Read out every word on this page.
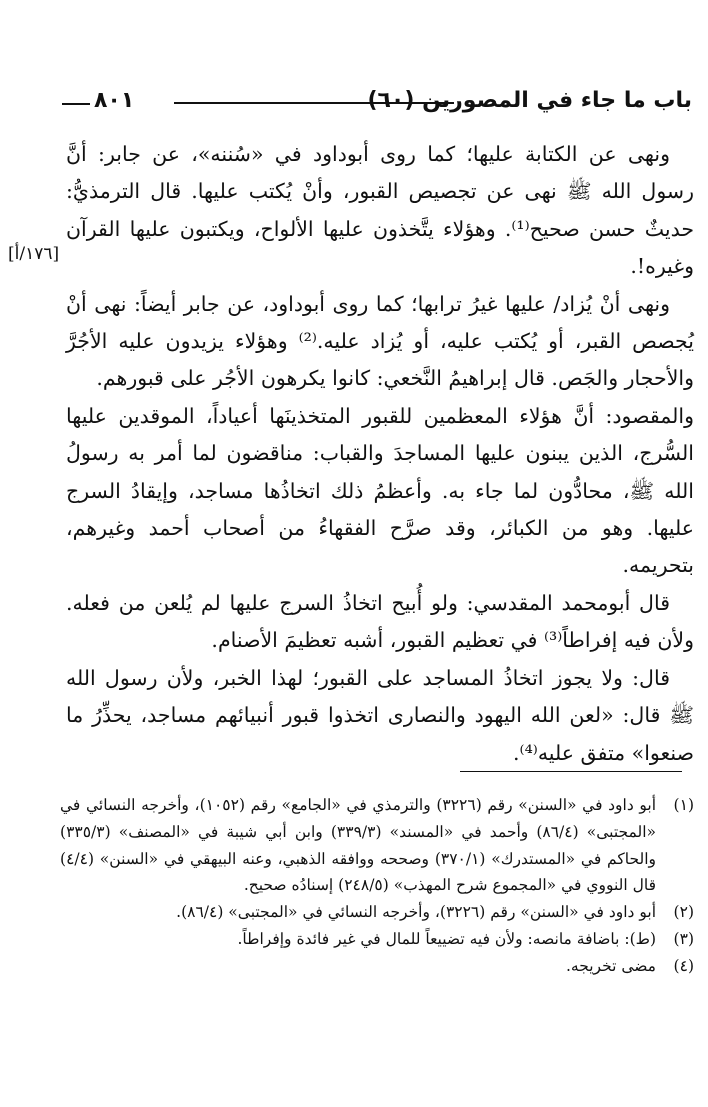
باب ما جاء في المصورين (٦٠)
٨٠١
[١٧٦/أ]

ونهى عن الكتابة عليها؛ كما روى أبوداود في «سُننه»، عن جابر: أنَّ رسول الله ﷺ نهى عن تجصيص القبور، وأنْ يُكتب عليها. قال الترمذيُّ: حديثٌ حسن صحيح⁽¹⁾. وهؤلاء يتَّخذون عليها الألواح، ويكتبون عليها القرآن وغيره!.

ونهى أنْ يُزاد/ عليها غيرُ ترابها؛ كما روى أبوداود، عن جابر أيضاً: نهى أنْ يُجصص القبر، أو يُكتب عليه، أو يُزاد عليه.⁽²⁾ وهؤلاء يزيدون عليه الأجُرَّ والأحجار والجَص. قال إبراهيمُ النَّخعي: كانوا يكرهون الأجُر على قبورهم.

والمقصود: أنَّ هؤلاء المعظمين للقبور المتخذينَها أعياداً، الموقدين عليها السُّرج، الذين يبنون عليها المساجدَ والقباب: مناقضون لما أمر به رسولُ الله ﷺ، محادُّون لما جاء به. وأعظمُ ذلك اتخاذُها مساجد، وإيقادُ السرج عليها. وهو من الكبائر، وقد صرَّح الفقهاءُ من أصحاب أحمد وغيرهم، بتحريمه.

قال أبومحمد المقدسي: ولو أُبيح اتخاذُ السرج عليها لم يُلعن من فعله. ولأن فيه إفراطاً⁽³⁾ في تعظيم القبور، أشبه تعظيمَ الأصنام.

قال: ولا يجوز اتخاذُ المساجد على القبور؛ لهذا الخبر، ولأن رسول الله ﷺ قال: «لعن الله اليهود والنصارى اتخذوا قبور أنبيائهم مساجد، يحذِّرُ ما صنعوا» متفق عليه⁽⁴⁾.

(١)
أبو داود في «السنن» رقم (٣٢٢٦) والترمذي في «الجامع» رقم (١٠٥٢)، وأخرجه النسائي في «المجتبى» (٨٦/٤) وأحمد في «المسند» (٣٣٩/٣) وابن أبي شيبة في «المصنف» (٣٣٥/٣) والحاكم في «المستدرك» (٣٧٠/١) وصححه ووافقه الذهبي، وعنه البيهقي في «السنن» (٤/٤) قال النووي في «المجموع شرح المهذب» (٢٤٨/٥) إسنادُه صحيح.
(٢)
أبو داود في «السنن» رقم (٣٢٢٦)، وأخرجه النسائي في «المجتبى» (٨٦/٤).
(٣)
(ط): باضافة مانصه: ولأن فيه تضييعاً للمال في غير فائدة وإفراطاً.
(٤)
مضى تخريجه.
